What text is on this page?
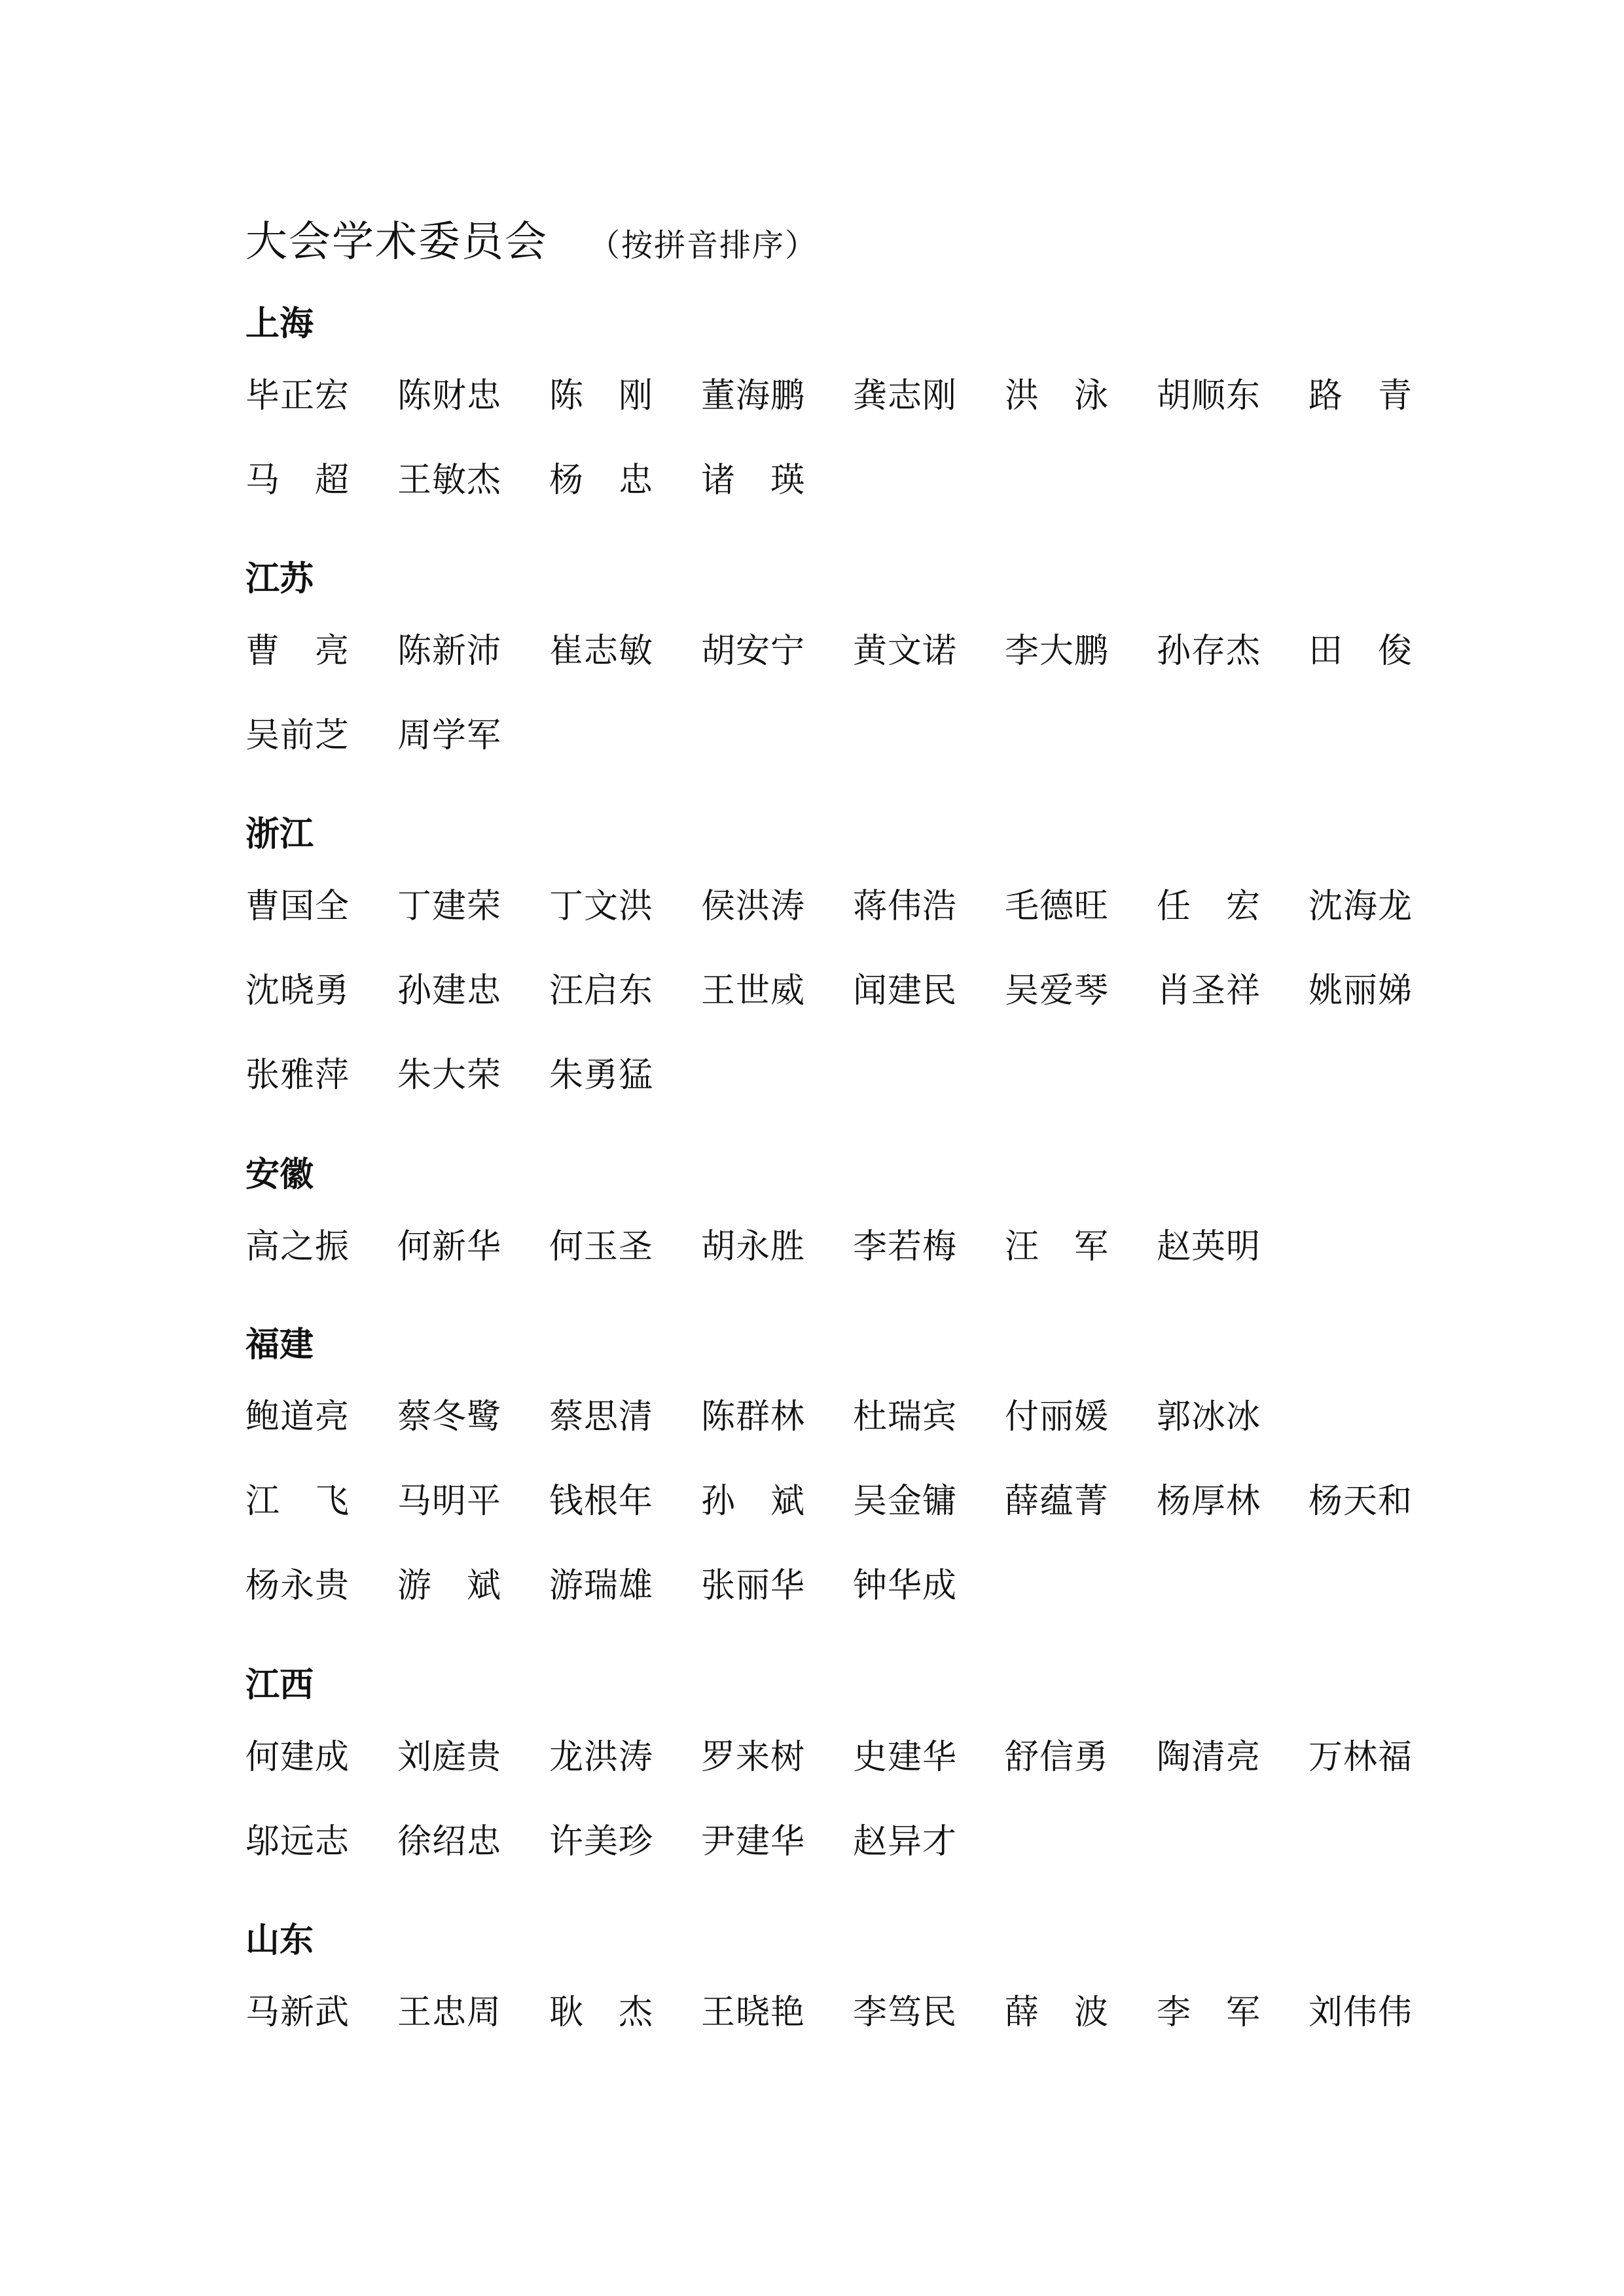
大会学术委员会 （按拼音排序）
上海
毕正宏	陈财忠	陈　刚	董海鹏	龚志刚	洪　泳	胡顺东	路　青
马　超	王敏杰	杨　忠	诸　瑛
江苏
曹　亮	陈新沛	崔志敏	胡安宁	黄文诺	李大鹏	孙存杰	田　俊
吴前芝	周学军
浙江
曹国全	丁建荣	丁文洪	侯洪涛	蒋伟浩	毛德旺	任　宏	沈海龙
沈晓勇	孙建忠	汪启东	王世威	闻建民	吴爱琴	肖圣祥	姚丽娣
张雅萍	朱大荣	朱勇猛
安徽
高之振	何新华	何玉圣	胡永胜	李若梅	汪　军	赵英明
福建
鲍道亮	蔡冬鹭	蔡思清	陈群林	杜瑞宾	付丽媛	郭冰冰
江　飞	马明平	钱根年	孙　斌	吴金镛	薛蕴菁	杨厚林	杨天和
杨永贵	游　斌	游瑞雄	张丽华	钟华成
江西
何建成	刘庭贵	龙洪涛	罗来树	史建华	舒信勇	陶清亮	万林福
邬远志	徐绍忠	许美珍	尹建华	赵异才
山东
马新武	王忠周	耿　杰	王晓艳	李笃民	薛　波	李　军	刘伟伟
